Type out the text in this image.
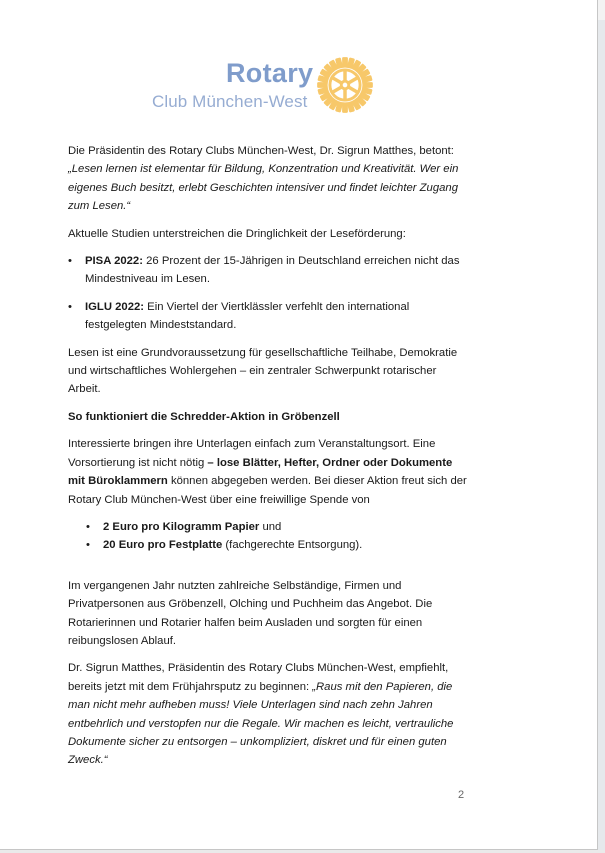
Rotary
Club München-West

Die Präsidentin des Rotary Clubs München-West, Dr. Sigrun Matthes, betont:
„Lesen lernen ist elementar für Bildung, Konzentration und Kreativität. Wer ein eigenes Buch besitzt, erlebt Geschichten intensiver und findet leichter Zugang zum Lesen.“

Aktuelle Studien unterstreichen die Dringlichkeit der Leseförderung:

• PISA 2022: 26 Prozent der 15-Jährigen in Deutschland erreichen nicht das Mindestniveau im Lesen.
• IGLU 2022: Ein Viertel der Viertklässler verfehlt den international festgelegten Mindeststandard.

Lesen ist eine Grundvoraussetzung für gesellschaftliche Teilhabe, Demokratie und wirtschaftliches Wohlergehen – ein zentraler Schwerpunkt rotarischer Arbeit.

So funktioniert die Schredder-Aktion in Gröbenzell

Interessierte bringen ihre Unterlagen einfach zum Veranstaltungsort. Eine Vorsortierung ist nicht nötig – lose Blätter, Hefter, Ordner oder Dokumente mit Büroklammern können abgegeben werden. Bei dieser Aktion freut sich der Rotary Club München-West über eine freiwillige Spende von

• 2 Euro pro Kilogramm Papier und
• 20 Euro pro Festplatte (fachgerechte Entsorgung).

Im vergangenen Jahr nutzten zahlreiche Selbständige, Firmen und Privatpersonen aus Gröbenzell, Olching und Puchheim das Angebot. Die Rotarierinnen und Rotarier halfen beim Ausladen und sorgten für einen reibungslosen Ablauf.

Dr. Sigrun Matthes, Präsidentin des Rotary Clubs München-West, empfiehlt, bereits jetzt mit dem Frühjahrsputz zu beginnen: „Raus mit den Papieren, die man nicht mehr aufheben muss! Viele Unterlagen sind nach zehn Jahren entbehrlich und verstopfen nur die Regale. Wir machen es leicht, vertrauliche Dokumente sicher zu entsorgen – unkompliziert, diskret und für einen guten Zweck.“

2
